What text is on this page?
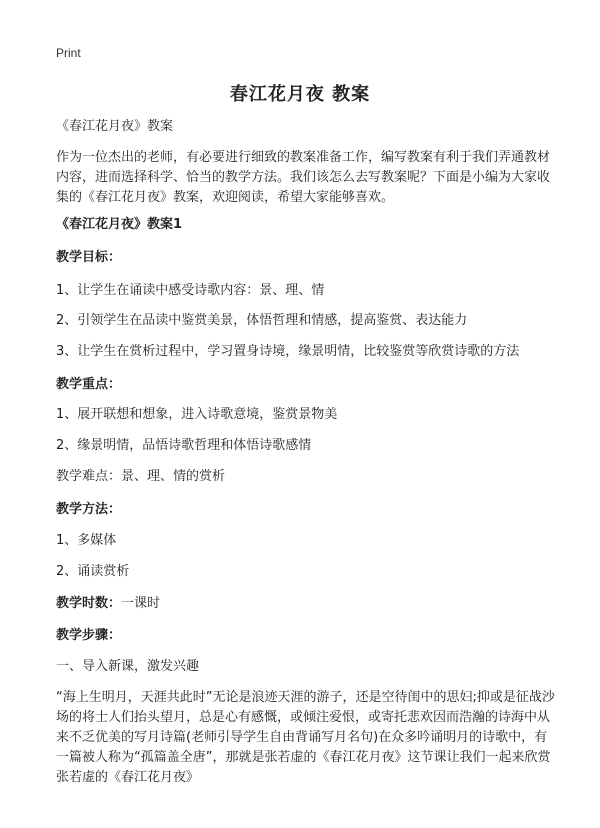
Print
春江花月夜 教案

《春江花月夜》教案

作为一位杰出的老师，有必要进行细致的教案准备工作，编写教案有利于我们弄通教材内容，进而选择科学、恰当的教学方法。我们该怎么去写教案呢？下面是小编为大家收集的《春江花月夜》教案，欢迎阅读，希望大家能够喜欢。

《春江花月夜》教案1

教学目标：

1、让学生在诵读中感受诗歌内容：景、理、情

2、引领学生在品读中鉴赏美景，体悟哲理和情感，提高鉴赏、表达能力

3、让学生在赏析过程中，学习置身诗境，缘景明情，比较鉴赏等欣赏诗歌的方法

教学重点：

1、展开联想和想象，进入诗歌意境，鉴赏景物美

2、缘景明情，品悟诗歌哲理和体悟诗歌感情

教学难点：景、理、情的赏析

教学方法：

1、多媒体

2、诵读赏析

教学时数：一课时

教学步骤：

一、导入新课，激发兴趣

“海上生明月，天涯共此时”无论是浪迹天涯的游子，还是空待闺中的思妇;抑或是征战沙场的将士人们抬头望月，总是心有感慨，或倾注爱恨，或寄托悲欢因而浩瀚的诗海中从来不乏优美的写月诗篇(老师引导学生自由背诵写月名句)在众多吟诵明月的诗歌中，有一篇被人称为“孤篇盖全唐”，那就是张若虚的《春江花月夜》这节课让我们一起来欣赏张若虚的《春江花月夜》
